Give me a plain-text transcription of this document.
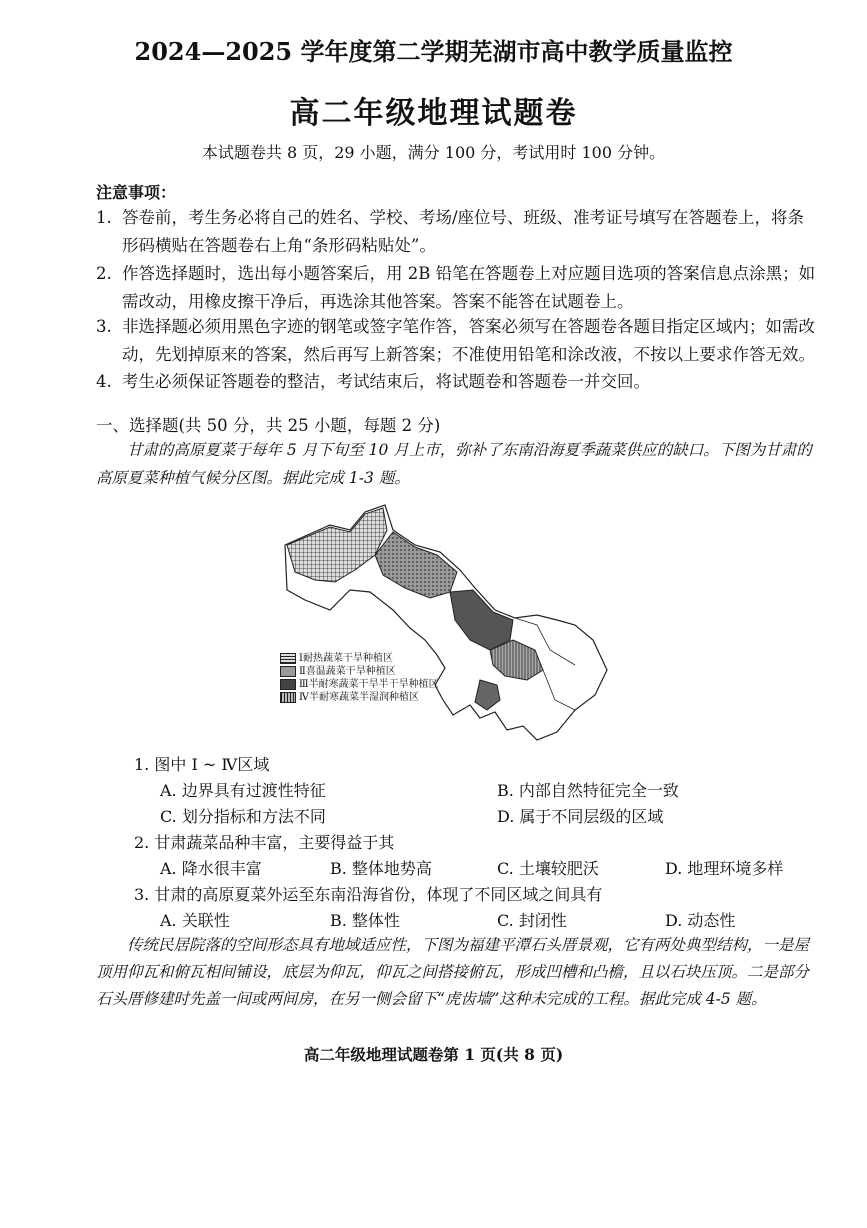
2024—2025 学年度第二学期芜湖市高中教学质量监控
高二年级地理试题卷
本试题卷共 8 页，29 小题，满分 100 分，考试用时 100 分钟。
注意事项：
1. 答卷前，考生务必将自己的姓名、学校、考场/座位号、班级、准考证号填写在答题卷上，将条形码横贴在答题卷右上角“条形码粘贴处”。
2. 作答选择题时，选出每小题答案后，用 2B 铅笔在答题卷上对应题目选项的答案信息点涂黑；如需改动，用橡皮擦干净后，再选涂其他答案。答案不能答在试题卷上。
3. 非选择题必须用黑色字迹的钢笔或签字笔作答，答案必须写在答题卷各题目指定区域内；如需改动，先划掉原来的答案，然后再写上新答案；不准使用铅笔和涂改液，不按以上要求作答无效。
4. 考生必须保证答题卷的整洁，考试结束后，将试题卷和答题卷一并交回。
一、选择题(共 50 分，共 25 小题，每题 2 分)
甘肃的高原夏菜于每年 5 月下旬至 10 月上市，弥补了东南沿海夏季蔬菜供应的缺口。下图为甘肃的高原夏菜种植气候分区图。据此完成 1-3 题。
Ⅰ耐热蔬菜干旱种植区
Ⅱ喜温蔬菜干旱种植区
Ⅲ半耐寒蔬菜干旱半干旱种植区
Ⅳ半耐寒蔬菜半湿润种植区
1. 图中 Ⅰ ~ Ⅳ区域
A. 边界具有过渡性特征	B. 内部自然特征完全一致
C. 划分指标和方法不同	D. 属于不同层级的区域
2. 甘肃蔬菜品种丰富，主要得益于其
A. 降水很丰富	B. 整体地势高	C. 土壤较肥沃	D. 地理环境多样
3. 甘肃的高原夏菜外运至东南沿海省份，体现了不同区域之间具有
A. 关联性	B. 整体性	C. 封闭性	D. 动态性
传统民居院落的空间形态具有地域适应性，下图为福建平潭石头厝景观，它有两处典型结构，一是屋顶用仰瓦和俯瓦相间铺设，底层为仰瓦，仰瓦之间搭接俯瓦，形成凹槽和凸檐，且以石块压顶。二是部分石头厝修建时先盖一间或两间房，在另一侧会留下“虎齿墙”这种未完成的工程。据此完成 4-5 题。
高二年级地理试题卷第 1 页(共 8 页)
